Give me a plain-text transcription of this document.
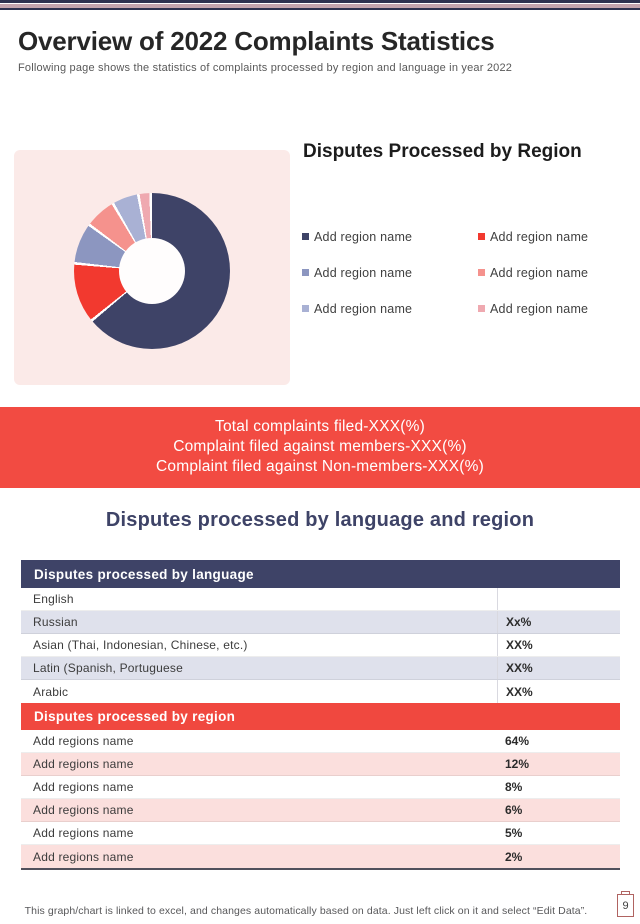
Overview of 2022 Complaints Statistics
Following page shows the statistics of complaints processed by region and language in year 2022
Disputes Processed by Region
Add region name	Add region name
Add region name	Add region name
Add region name	Add region name
Total complaints filed-XXX(%)
Complaint filed against members-XXX(%)
Complaint filed against Non-members-XXX(%)
Disputes processed by language and region
Disputes processed by language
English
Russian	Xx%
Asian (Thai, Indonesian, Chinese, etc.)	XX%
Latin (Spanish, Portuguese	XX%
Arabic	XX%
Disputes processed by region
Add regions name	64%
Add regions name	12%
Add regions name	8%
Add regions name	6%
Add regions name	5%
Add regions name	2%
This graph/chart is linked to excel, and changes automatically based on data. Just left click on it and select “Edit Data”.	9
